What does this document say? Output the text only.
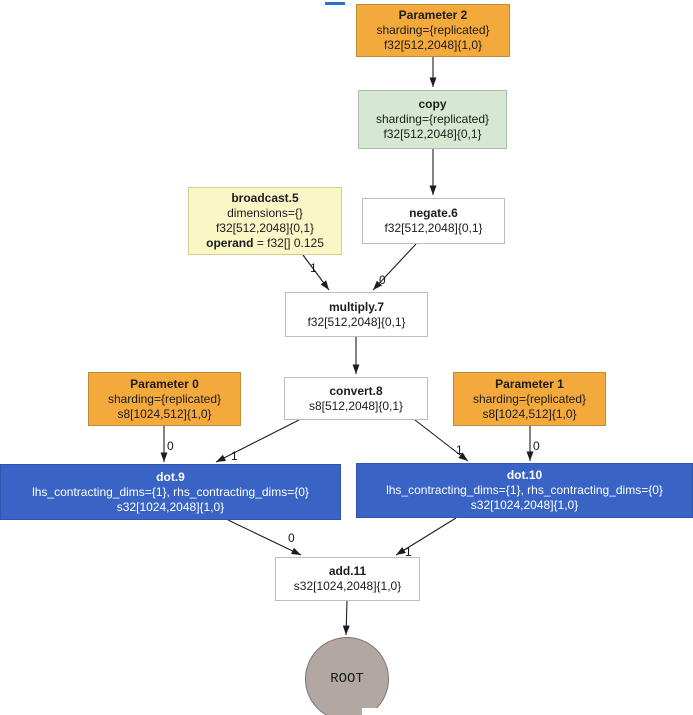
Parameter 2
sharding={replicated}
f32[512,2048]{1,0}
copy
sharding={replicated}
f32[512,2048]{0,1}
broadcast.5
dimensions={}
f32[512,2048]{0,1}
operand = f32[] 0.125
negate.6
f32[512,2048]{0,1}
multiply.7
f32[512,2048]{0,1}
convert.8
s8[512,2048]{0,1}
Parameter 0
sharding={replicated}
s8[1024,512]{1,0}
Parameter 1
sharding={replicated}
s8[1024,512]{1,0}
dot.9
lhs_contracting_dims={1}, rhs_contracting_dims={0}
s32[1024,2048]{1,0}
dot.10
lhs_contracting_dims={1}, rhs_contracting_dims={0}
s32[1024,2048]{1,0}
add.11
s32[1024,2048]{1,0}
ROOT
1
0
0
1	1	0
0
1
